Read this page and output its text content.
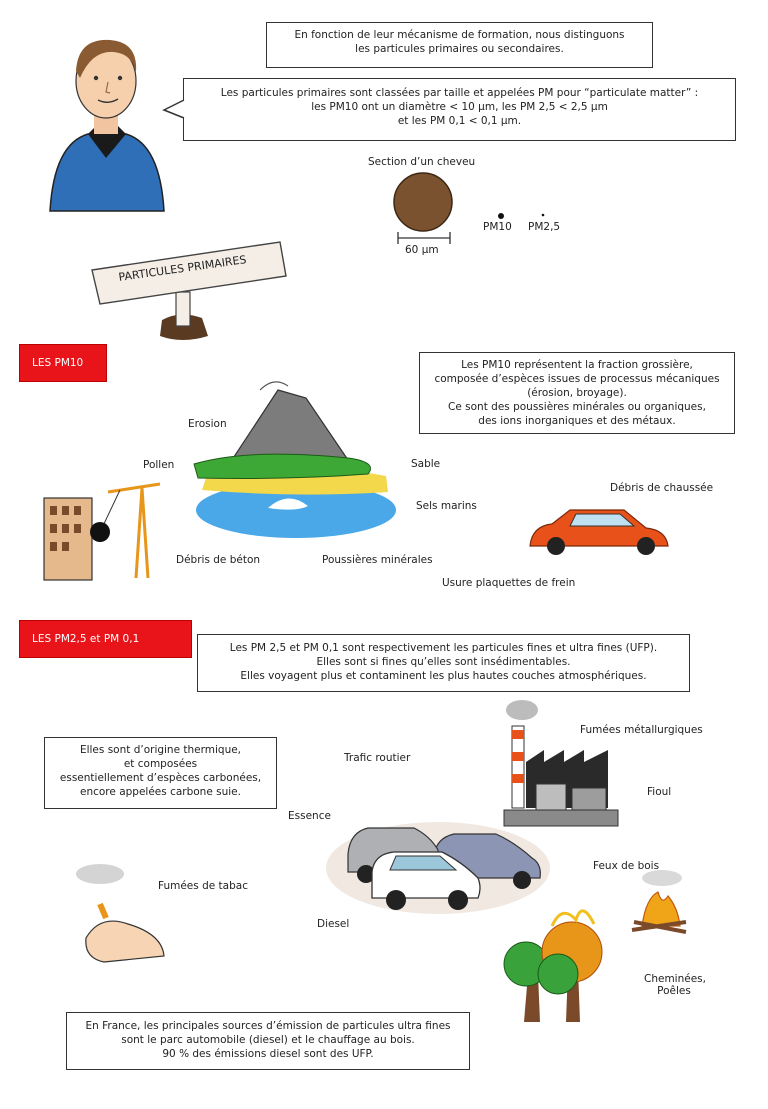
En fonction de leur mécanisme de formation, nous distinguons
les particules primaires ou secondaires.
Les particules primaires sont classées par taille et appelées PM pour “particulate matter” :
les PM10 ont un diamètre < 10 µm, les PM 2,5 < 2,5 µm
et les PM 0,1 < 0,1 µm.
Section d’un cheveu
60 µm
PM10 PM2,5
PARTICULES PRIMAIRES
LES PM10	Les PM10 représentent la fraction grossière,
composée d’espèces issues de processus mécaniques
(érosion, broyage).
Ce sont des poussières minérales ou organiques,
des ions inorganiques et des métaux.
Erosion
Pollen	Sable
Sels marins
Débris de béton	Poussières minérales
Débris de chaussée
Usure plaquettes de frein
LES PM2,5 et PM 0,1
Les PM 2,5 et PM 0,1 sont respectivement les particules fines et ultra fines (UFP).
Elles sont si fines qu’elles sont insédimentables.
Elles voyagent plus et contaminent les plus hautes couches atmosphériques.
Elles sont d’origine thermique,
et composées
essentiellement d’espèces carbonées,
encore appelées carbone suie.
Trafic routier
Fumées métallurgiques
Fioul
Essence
Fumées de tabac
Diesel
Feux de bois
Cheminées,
Poêles
En France, les principales sources d’émission de particules ultra fines
sont le parc automobile (diesel) et le chauffage au bois.
90 % des émissions diesel sont des UFP.
